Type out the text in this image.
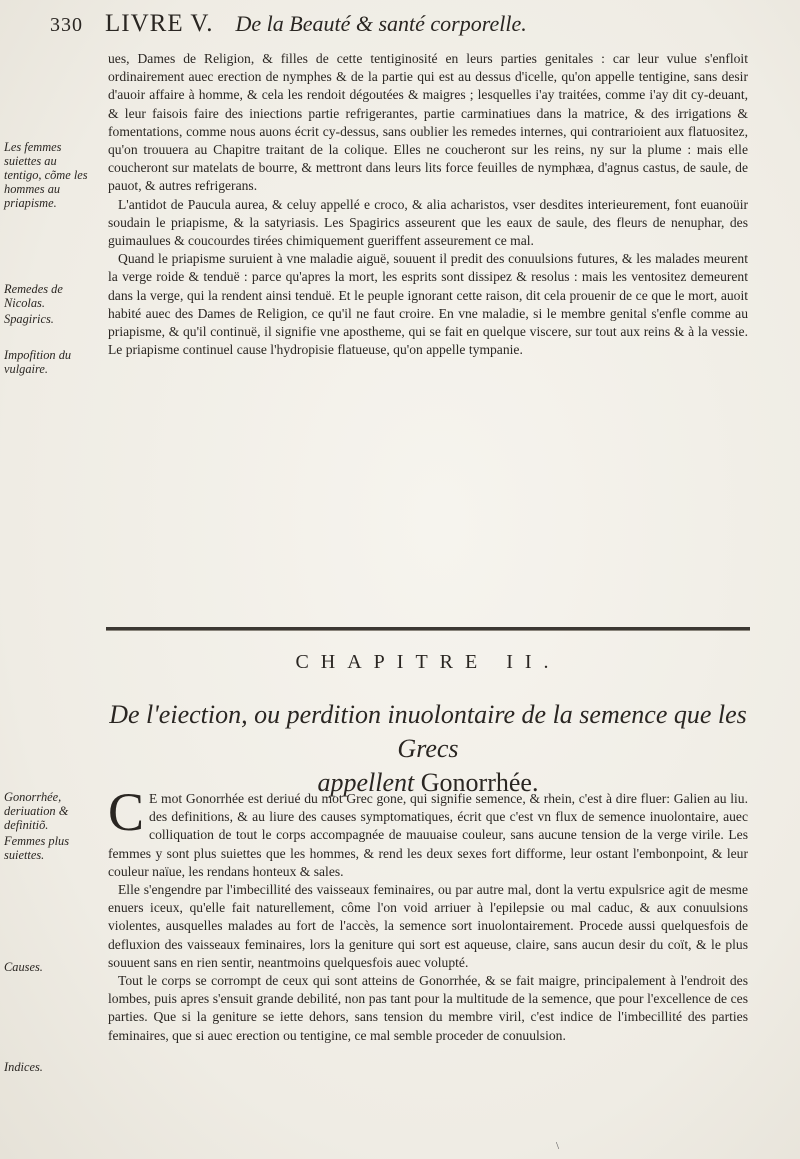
330 LIVRE V. De la Beauté & santé corporelle.

ues, Dames de Religion, & filles de cette tentiginosité en leurs parties genitales : car leur vulue s'enfloit ordinairement auec erection de nymphes & de la partie qui est au dessus d'icelle, qu'on appelle tentigine, sans desir d'auoir affaire à homme, & cela les rendoit dégoutées & maigres ; lesquelles i'ay traitées, comme i'ay dit cy-deuant, & leur faisois faire des iniections partie refrigerantes, partie carminatiues dans la matrice, & des irrigations & fomentations, comme nous auons écrit cy-dessus, sans oublier les remedes internes, qui contrarioient aux flatuositez, qu'on trouuera au Chapitre traitant de la colique. Elles ne coucheront sur les reins, ny sur la plume : mais elle coucheront sur matelats de bourre, & mettront dans leurs lits force feuilles de nymphæa, d'agnus castus, de saule, de pauot, & autres refrigerans.

L'antidot de Paucula aurea, & celuy appellé e croco, & alia acharistos, vser desdites interieurement, font euanoüir soudain le priapisme, & la satyriasis. Les Spagirics asseurent que les eaux de saule, des fleurs de nenuphar, des guimaulues & coucourdes tirées chimiquement gueriffent asseurement ce mal.

Quand le priapisme suruient à vne maladie aiguë, souuent il predit des conuulsions futures, & les malades meurent la verge roide & tenduë : parce qu'apres la mort, les esprits sont dissipez & resolus : mais les ventositez demeurent dans la verge, qui la rendent ainsi tenduë. Et le peuple ignorant cette raison, dit cela prouenir de ce que le mort, auoit habité auec des Dames de Religion, ce qu'il ne faut croire. En vne maladie, si le membre genital s'enfle comme au priapisme, & qu'il continuë, il signifie vne apostheme, qui se fait en quelque viscere, sur tout aux reins & à la vessie. Le priapisme continuel cause l'hydropisie flatueuse, qu'on appelle tympanie.

CHAPITRE II.
De l'eiection, ou perdition inuolontaire de la semence que les Grecs
appellent Gonorrhée.

C E mot Gonorrhée est deriué du mot Grec gone, qui signifie semence, & rhein, c'est à dire fluer: Galien au liu. des definitions, & au liure des causes symptomatiques, écrit que c'est vn flux de semence inuolontaire, auec colliquation de tout le corps accompagnée de mauuaise couleur, sans aucune tension de la verge virile. Les femmes y sont plus suiettes que les hommes, & rend les deux sexes fort difforme, leur ostant l'embonpoint, & leur couleur naïue, les rendans honteux & sales.

Elle s'engendre par l'imbecillité des vaisseaux feminaires, ou par autre mal, dont la vertu expulsrice agit de mesme enuers iceux, qu'elle fait naturellement, côme l'on void arriuer à l'epilepsie ou mal caduc, & aux conuulsions violentes, ausquelles malades au fort de l'accès, la semence sort inuolontairement. Procede aussi quelquesfois de defluxion des vaisseaux feminaires, lors la geniture qui sort est aqueuse, claire, sans aucun desir du coït, & le plus souuent sans en rien sentir, neantmoins quelquesfois auec volupté.

Tout le corps se corrompt de ceux qui sont atteins de Gonorrhée, & se fait maigre, principalement à l'endroit des lombes, puis apres s'ensuit grande debilité, non pas tant pour la multitude de la semence, que pour l'excellence de ces parties. Que si la geniture se iette dehors, sans tension du membre viril, c'est indice de l'imbecillité des parties feminaires, que si auec erection ou tentigine, ce mal semble proceder de conuulsion.

Les femmes suiettes au tentigo, cõme les hommes au priapisme.
Remedes de Nicolas.
Spagirics.
Impofition du vulgaire.
Gonorrhée, deriuation & definitiõ.
Femmes plus suiettes.
Causes.
Indices.
\
